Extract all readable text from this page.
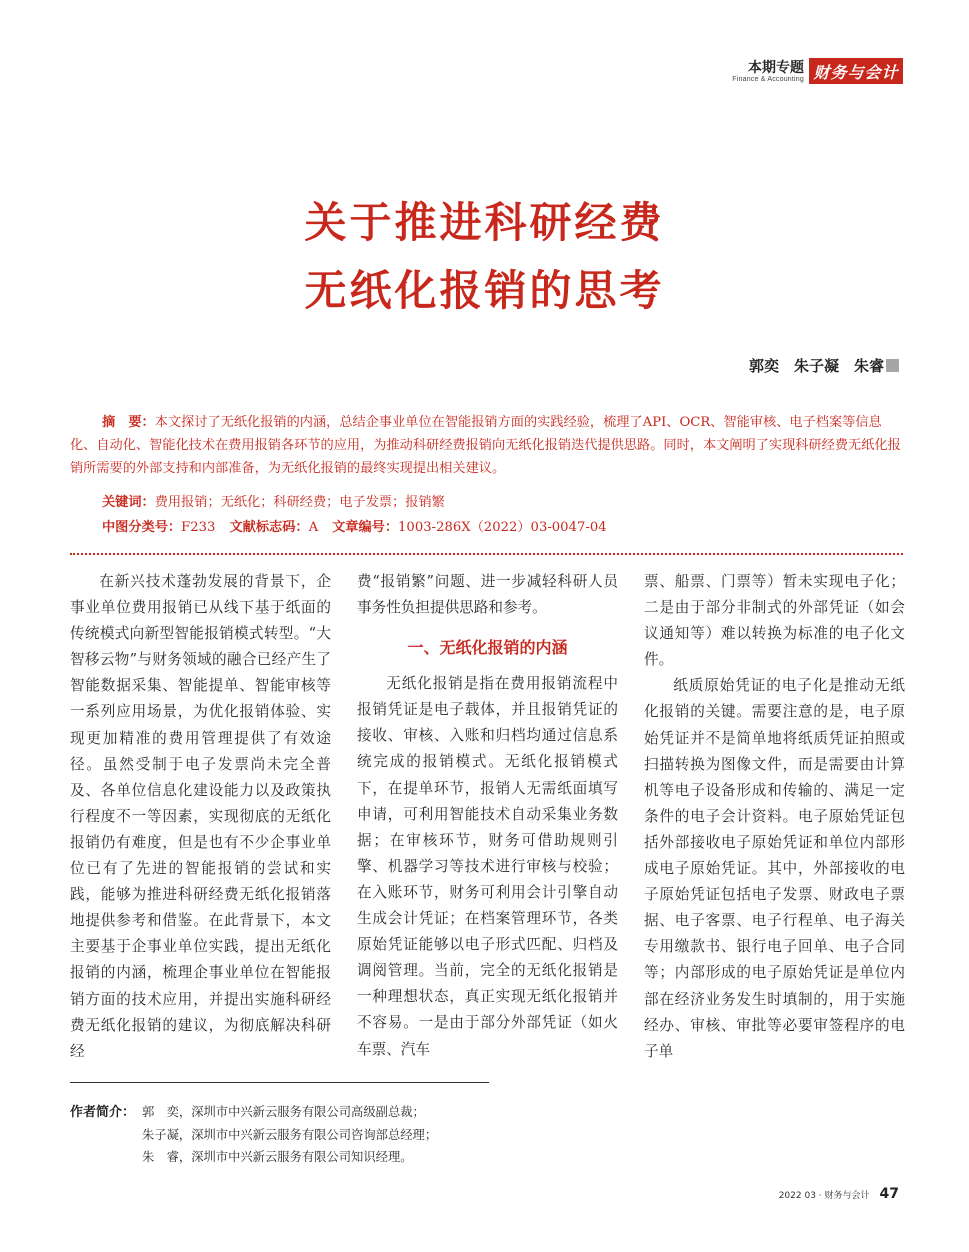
本期专题
Finance & Accounting 财务与会计
关于推进科研经费
无纸化报销的思考
郭奕　朱子凝　朱睿
摘　要：本文探讨了无纸化报销的内涵，总结企事业单位在智能报销方面的实践经验，梳理了API、OCR、智能审核、电子档案等信息化、自动化、智能化技术在费用报销各环节的应用，为推动科研经费报销向无纸化报销迭代提供思路。同时，本文阐明了实现科研经费无纸化报销所需要的外部支持和内部准备，为无纸化报销的最终实现提出相关建议。
关键词：费用报销；无纸化；科研经费；电子发票；报销繁
中图分类号：F233 文献标志码：A 文章编号：1003-286X（2022）03-0047-04

在新兴技术蓬勃发展的背景下，企事业单位费用报销已从线下基于纸面的传统模式向新型智能报销模式转型。“大智移云物”与财务领域的融合已经产生了智能数据采集、智能提单、智能审核等一系列应用场景，为优化报销体验、实现更加精准的费用管理提供了有效途径。虽然受制于电子发票尚未完全普及、各单位信息化建设能力以及政策执行程度不一等因素，实现彻底的无纸化报销仍有难度，但是也有不少企事业单位已有了先进的智能报销的尝试和实践，能够为推进科研经费无纸化报销落地提供参考和借鉴。在此背景下，本文主要基于企事业单位实践，提出无纸化报销的内涵，梳理企事业单位在智能报销方面的技术应用，并提出实施科研经费无纸化报销的建议，为彻底解决科研经

费“报销繁”问题、进一步减轻科研人员事务性负担提供思路和参考。

一、无纸化报销的内涵

无纸化报销是指在费用报销流程中报销凭证是电子载体，并且报销凭证的接收、审核、入账和归档均通过信息系统完成的报销模式。无纸化报销模式下，在提单环节，报销人无需纸面填写申请，可利用智能技术自动采集业务数据；在审核环节，财务可借助规则引擎、机器学习等技术进行审核与校验；在入账环节，财务可利用会计引擎自动生成会计凭证；在档案管理环节，各类原始凭证能够以电子形式匹配、归档及调阅管理。当前，完全的无纸化报销是一种理想状态，真正实现无纸化报销并不容易。一是由于部分外部凭证（如火车票、汽车

票、船票、门票等）暂未实现电子化；二是由于部分非制式的外部凭证（如会议通知等）难以转换为标准的电子化文件。

纸质原始凭证的电子化是推动无纸化报销的关键。需要注意的是，电子原始凭证并不是简单地将纸质凭证拍照或扫描转换为图像文件，而是需要由计算机等电子设备形成和传输的、满足一定条件的电子会计资料。电子原始凭证包括外部接收电子原始凭证和单位内部形成电子原始凭证。其中，外部接收的电子原始凭证包括电子发票、财政电子票据、电子客票、电子行程单、电子海关专用缴款书、银行电子回单、电子合同等；内部形成的电子原始凭证是单位内部在经济业务发生时填制的，用于实施经办、审核、审批等必要审签程序的电子单

作者简介： 郭　奕，深圳市中兴新云服务有限公司高级副总裁；
朱子凝，深圳市中兴新云服务有限公司咨询部总经理；
朱　睿，深圳市中兴新云服务有限公司知识经理。
2022 03 · 财务与会计 47
